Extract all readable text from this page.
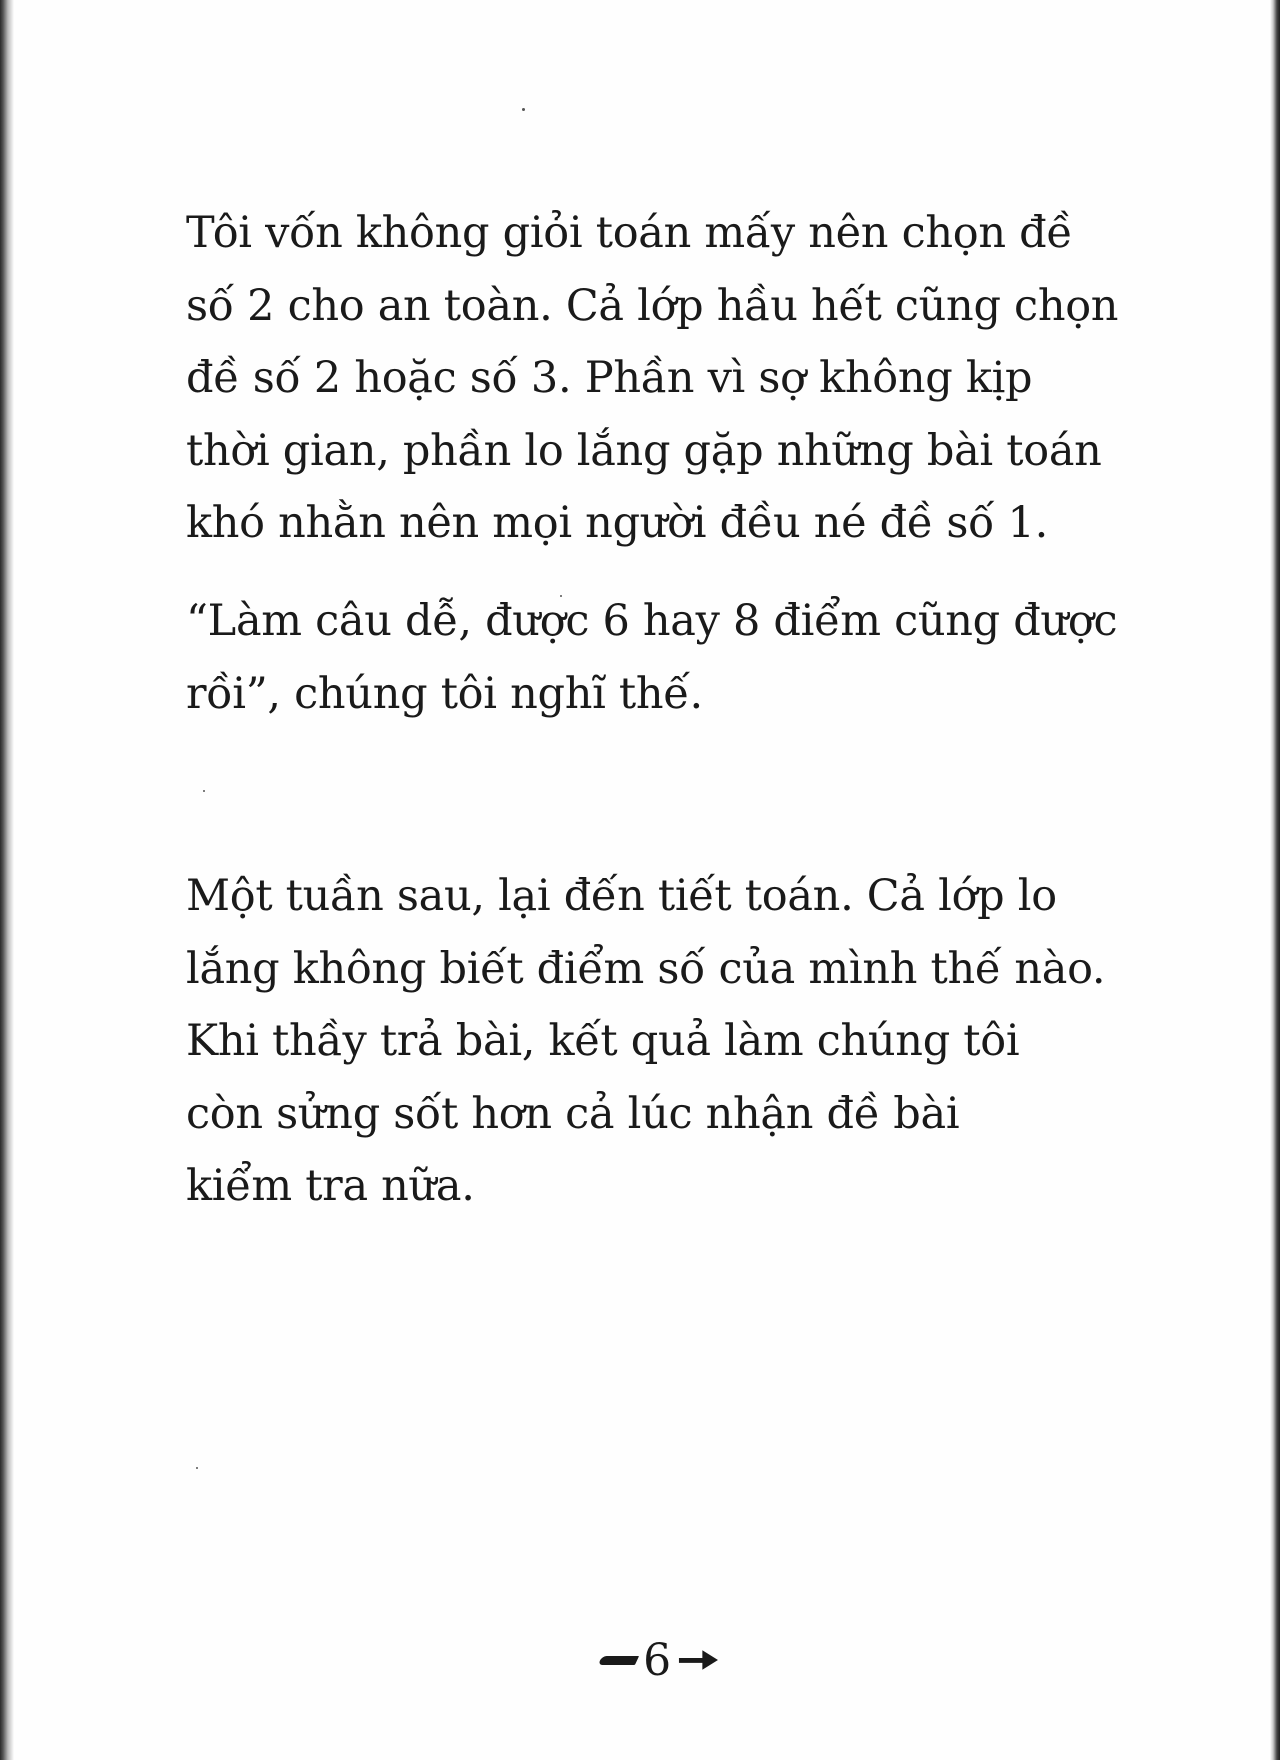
Tôi vốn không giỏi toán mấy nên chọn đề
số 2 cho an toàn. Cả lớp hầu hết cũng chọn
đề số 2 hoặc số 3. Phần vì sợ không kịp
thời gian, phần lo lắng gặp những bài toán
khó nhằn nên mọi người đều né đề số 1.
“Làm câu dễ, được 6 hay 8 điểm cũng được
rồi”, chúng tôi nghĩ thế.
Một tuần sau, lại đến tiết toán. Cả lớp lo
lắng không biết điểm số của mình thế nào.
Khi thầy trả bài, kết quả làm chúng tôi
còn sửng sốt hơn cả lúc nhận đề bài
kiểm tra nữa.
6
